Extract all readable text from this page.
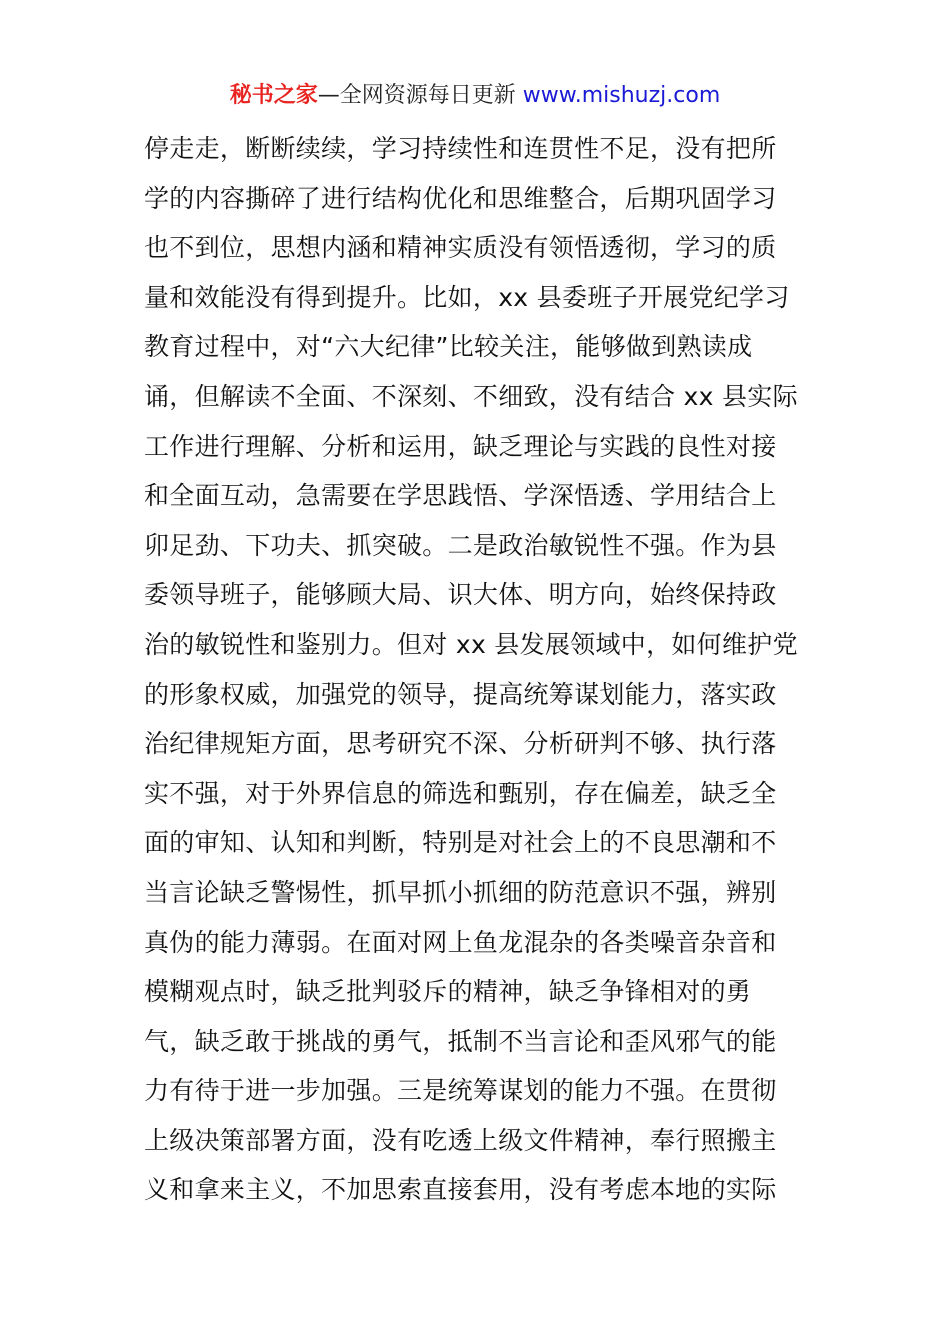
秘书之家—全网资源每日更新 www.mishuzj.com
停走走，断断续续，学习持续性和连贯性不足，没有把所
学的内容撕碎了进行结构优化和思维整合，后期巩固学习
也不到位，思想内涵和精神实质没有领悟透彻，学习的质
量和效能没有得到提升。比如，xx 县委班子开展党纪学习
教育过程中，对“六大纪律”比较关注，能够做到熟读成
诵，但解读不全面、不深刻、不细致，没有结合 xx 县实际
工作进行理解、分析和运用，缺乏理论与实践的良性对接
和全面互动，急需要在学思践悟、学深悟透、学用结合上
卯足劲、下功夫、抓突破。二是政治敏锐性不强。作为县
委领导班子，能够顾大局、识大体、明方向，始终保持政
治的敏锐性和鉴别力。但对 xx 县发展领域中，如何维护党
的形象权威，加强党的领导，提高统筹谋划能力，落实政
治纪律规矩方面，思考研究不深、分析研判不够、执行落
实不强，对于外界信息的筛选和甄别，存在偏差，缺乏全
面的审知、认知和判断，特别是对社会上的不良思潮和不
当言论缺乏警惕性，抓早抓小抓细的防范意识不强，辨别
真伪的能力薄弱。在面对网上鱼龙混杂的各类噪音杂音和
模糊观点时，缺乏批判驳斥的精神，缺乏争锋相对的勇
气，缺乏敢于挑战的勇气，抵制不当言论和歪风邪气的能
力有待于进一步加强。三是统筹谋划的能力不强。在贯彻
上级决策部署方面，没有吃透上级文件精神，奉行照搬主
义和拿来主义，不加思索直接套用，没有考虑本地的实际
